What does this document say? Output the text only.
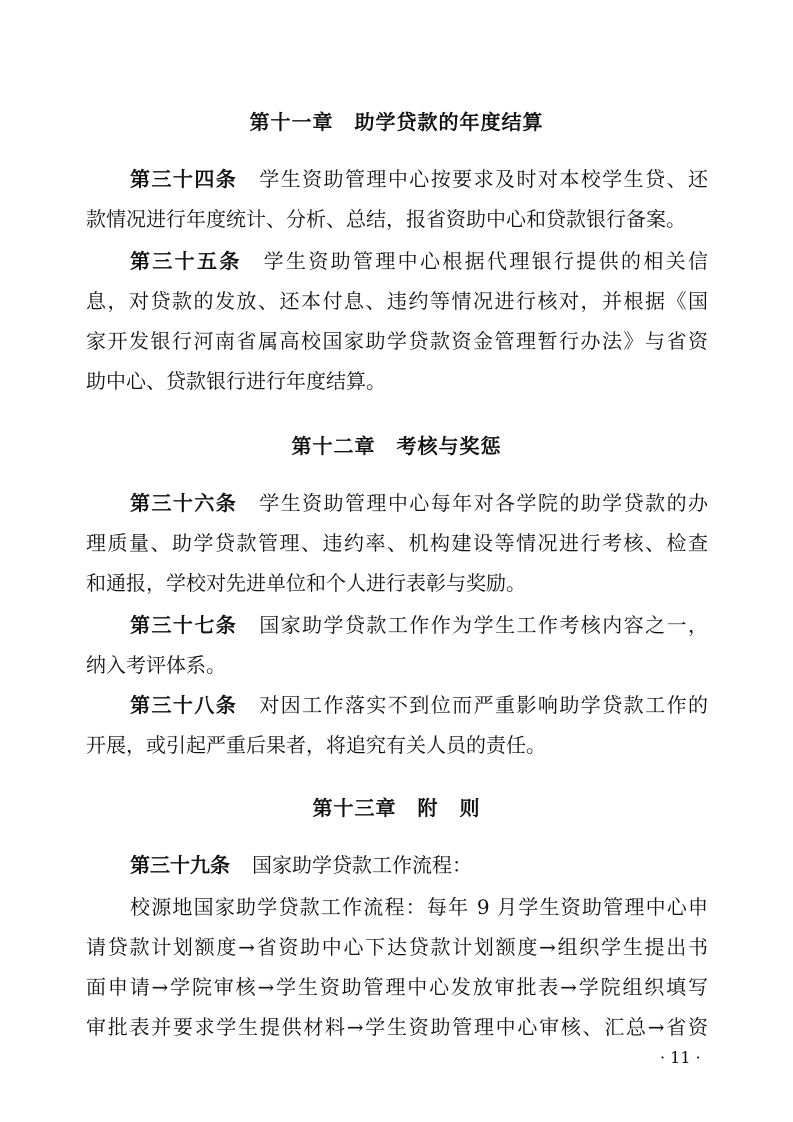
第十一章　助学贷款的年度结算
第三十四条 学生资助管理中心按要求及时对本校学生贷、还
款情况进行年度统计、分析、总结，报省资助中心和贷款银行备案。
第三十五条 学生资助管理中心根据代理银行提供的相关信
息，对贷款的发放、还本付息、违约等情况进行核对，并根据《国
家开发银行河南省属高校国家助学贷款资金管理暂行办法》与省资
助中心、贷款银行进行年度结算。
第十二章　考核与奖惩
第三十六条 学生资助管理中心每年对各学院的助学贷款的办
理质量、助学贷款管理、违约率、机构建设等情况进行考核、检查
和通报，学校对先进单位和个人进行表彰与奖励。
第三十七条 国家助学贷款工作作为学生工作考核内容之一，
纳入考评体系。
第三十八条 对因工作落实不到位而严重影响助学贷款工作的
开展，或引起严重后果者，将追究有关人员的责任。
第十三章　附　则
第三十九条 国家助学贷款工作流程：
校源地国家助学贷款工作流程：每年 9 月学生资助管理中心申
请贷款计划额度→省资助中心下达贷款计划额度→组织学生提出书
面申请→学院审核→学生资助管理中心发放审批表→学院组织填写
审批表并要求学生提供材料→学生资助管理中心审核、汇总→省资
· 11 ·
